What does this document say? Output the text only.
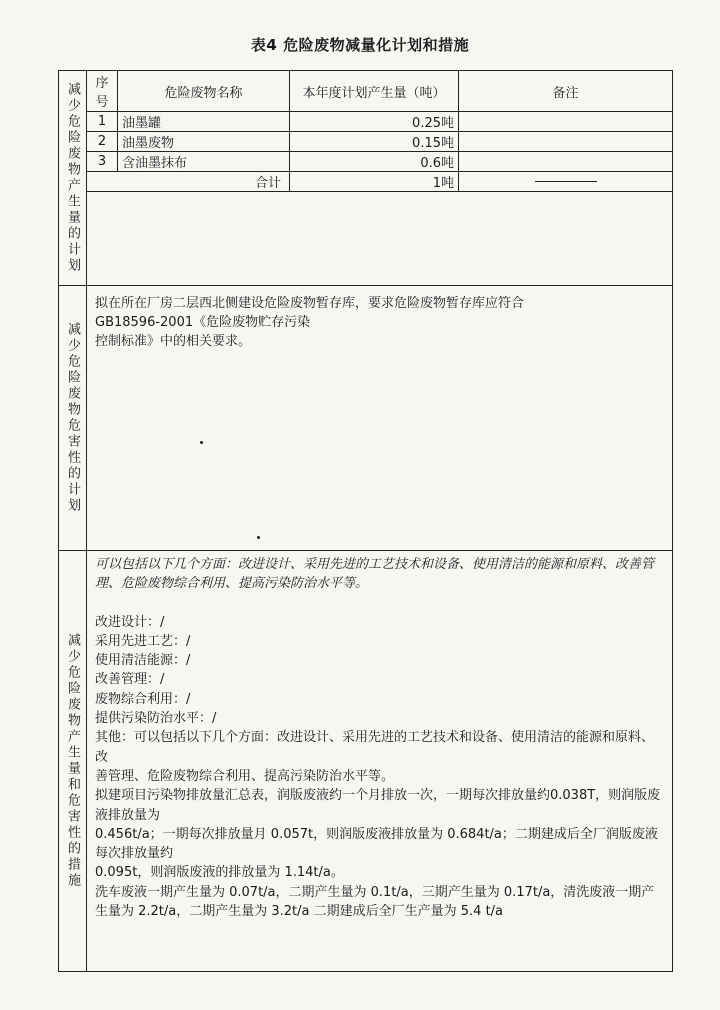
表4 危险废物减量化计划和措施
减少危险废物产生量的计划 序号	危险废物名称	本年度计划产生量（吨）	备注
1	油墨罐	0.25吨	
2	油墨废物	0.15吨	
3	含油墨抹布	0.6吨	
合计		1吨	
减少危险废物危害性的计划
拟在所在厂房二层西北侧建设危险废物暂存库，要求危险废物暂存库应符合
GB18596-2001《危险废物贮存污染
控制标准》中的相关要求。
减少危险废物产生量和危害性的措施
可以包括以下几个方面：改进设计、采用先进的工艺技术和设备、使用清洁的能源和原料、改善管理、危险废物综合利用、提高污染防治水平等。
改进设计：/
采用先进工艺：/
使用清洁能源：/
改善管理：/
废物综合利用：/
提供污染防治水平：/
其他：可以包括以下几个方面：改进设计、采用先进的工艺技术和设备、使用清洁的能源和原料、改
善管理、危险废物综合利用、提高污染防治水平等。
拟建项目污染物排放量汇总表，润版废液约一个月排放一次，一期每次排放量约0.038T，则润版废液排放量为
0.456t/a；一期每次排放量月 0.057t，则润版废液排放量为 0.684t/a；二期建成后全厂润版废液每次排放量约
0.095t，则润版废液的排放量为 1.14t/a。
洗车废液一期产生量为 0.07t/a，二期产生量为 0.1t/a，三期产生量为 0.17t/a，清洗废液一期产生量为 2.2t/a，二期产生量为 3.2t/a 二期建成后全厂生产量为 5.4 t/a
